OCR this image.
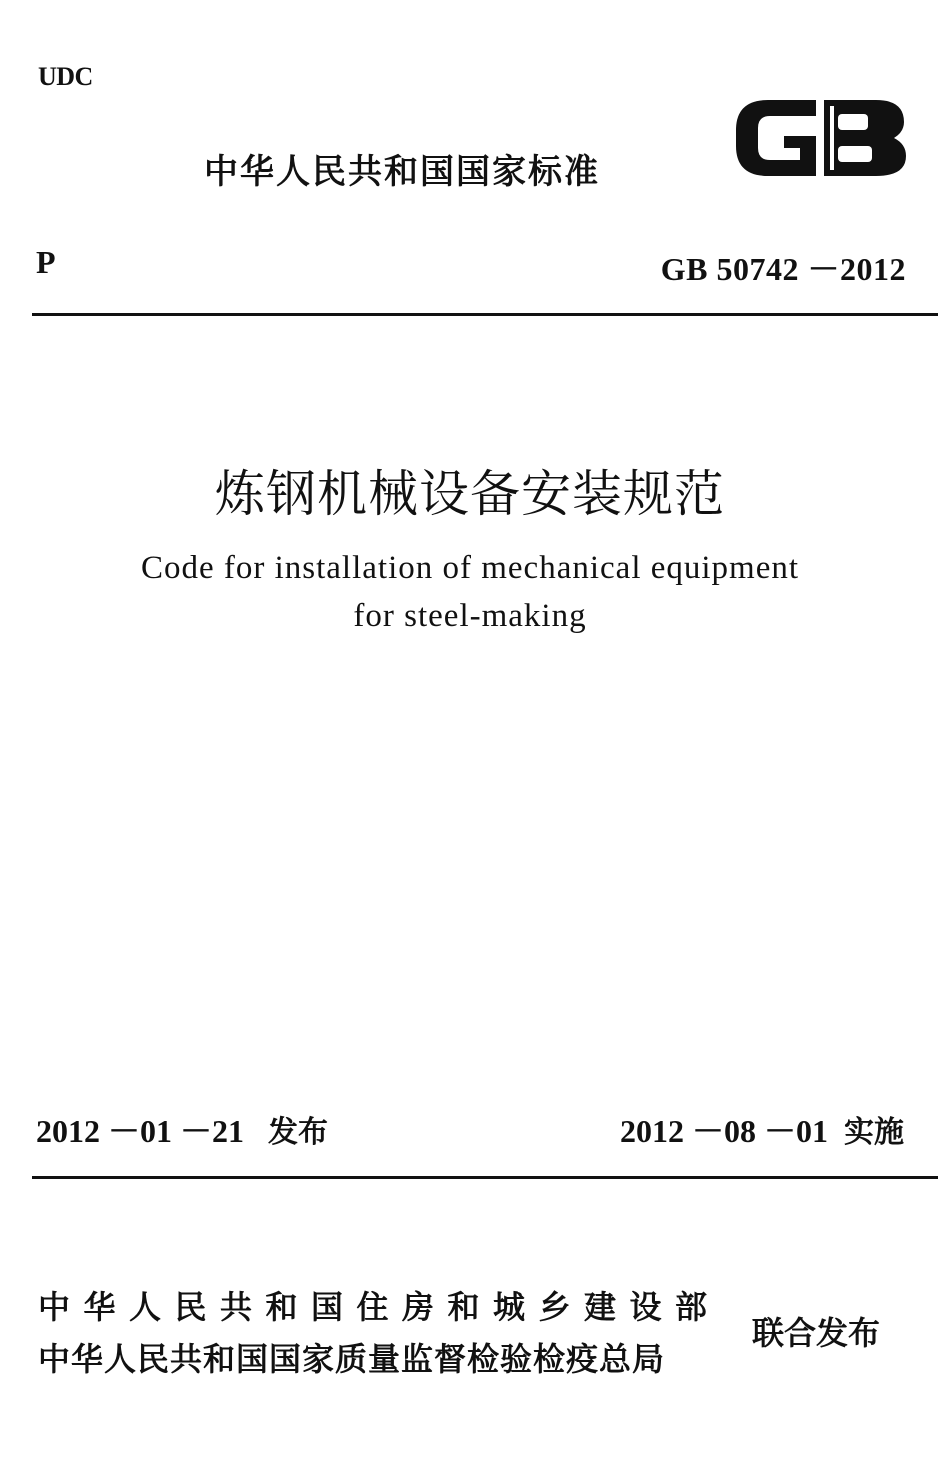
UDC
中华人民共和国国家标准
P	GB 50742 －2012
炼钢机械设备安装规范
Code for installation of mechanical equipment
for steel-making
2012 －01 －21 发布	2012 －08 －01 实施
中华人民共和国住房和城乡建设部
中华人民共和国国家质量监督检验检疫总局
联合发布
